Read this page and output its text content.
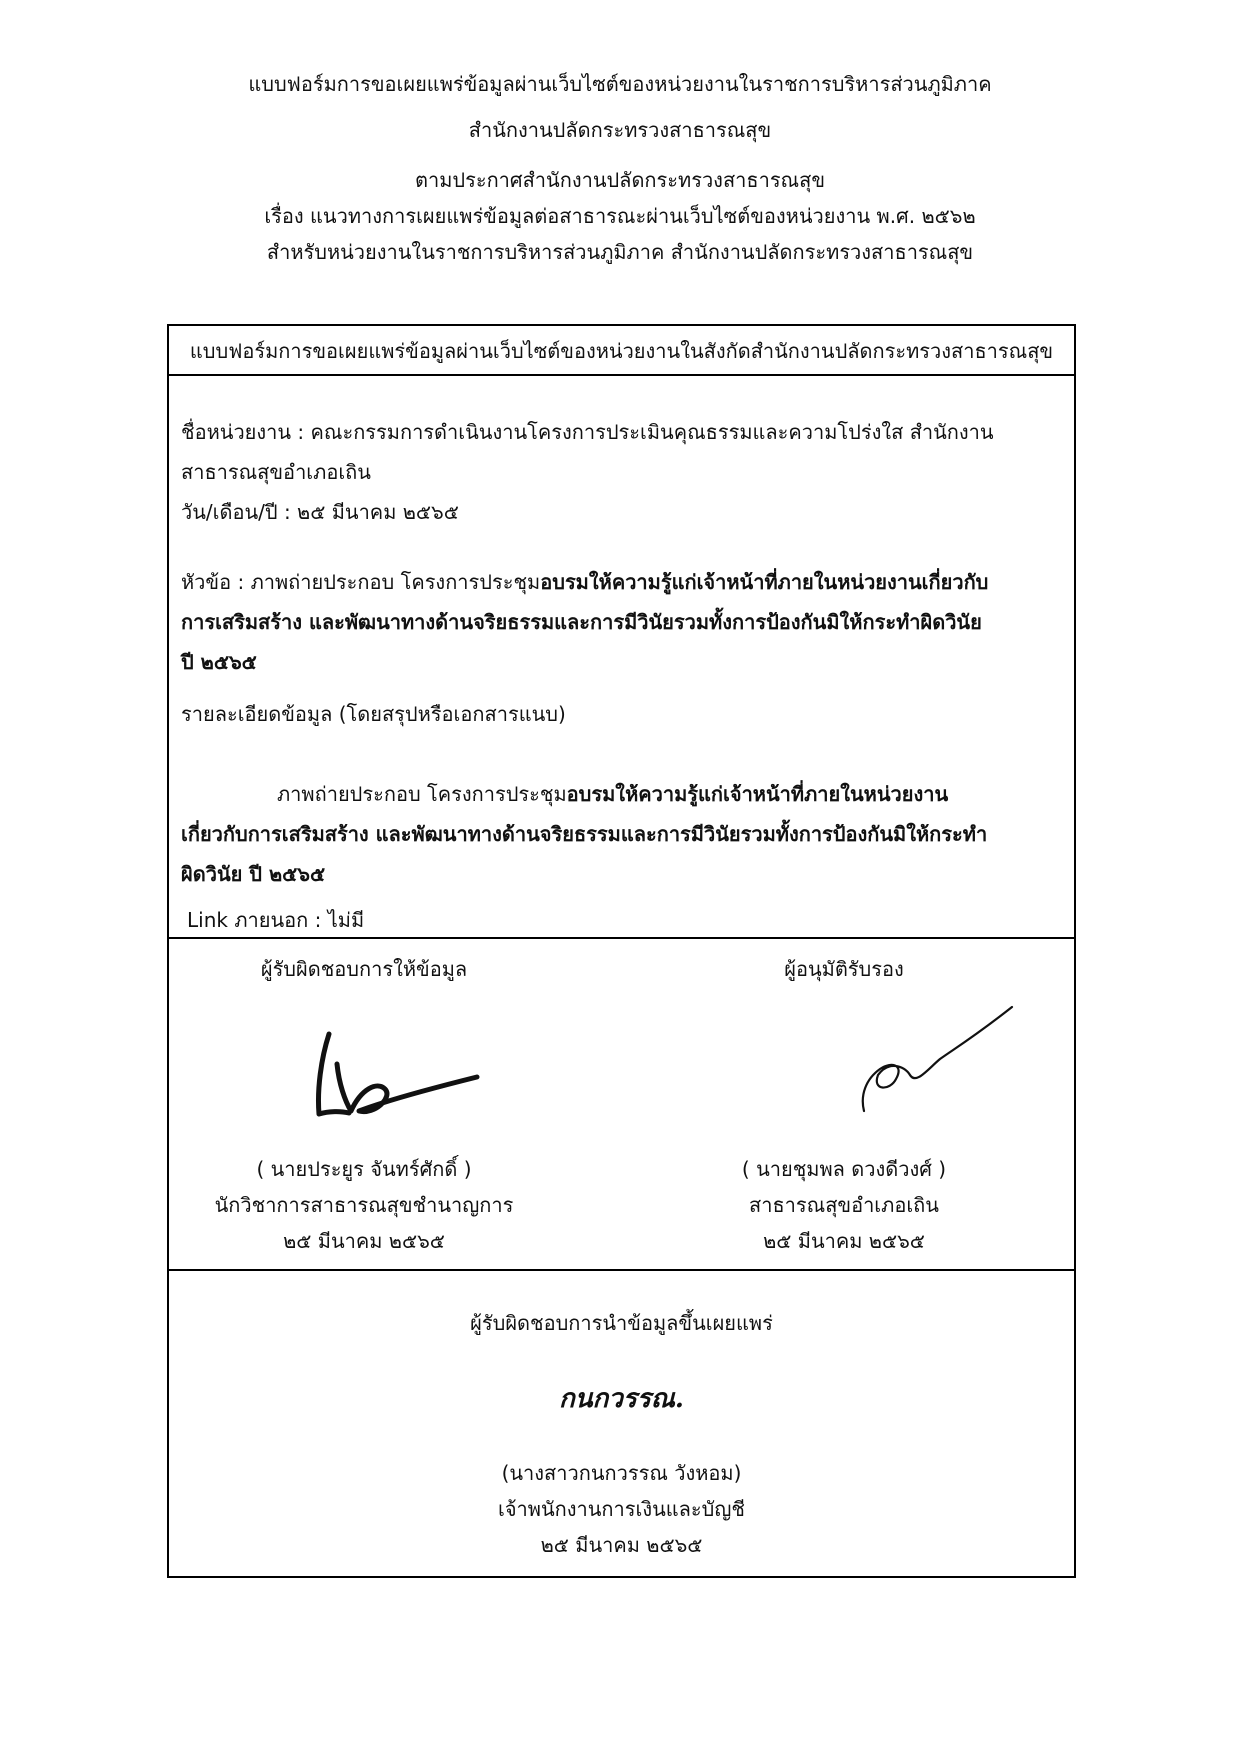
แบบฟอร์มการขอเผยแพร่ข้อมูลผ่านเว็บไซต์ของหน่วยงานในราชการบริหารส่วนภูมิภาค
สำนักงานปลัดกระทรวงสาธารณสุข
ตามประกาศสำนักงานปลัดกระทรวงสาธารณสุข
เรื่อง แนวทางการเผยแพร่ข้อมูลต่อสาธารณะผ่านเว็บไซต์ของหน่วยงาน พ.ศ. ๒๕๖๒
สำหรับหน่วยงานในราชการบริหารส่วนภูมิภาค สำนักงานปลัดกระทรวงสาธารณสุข
แบบฟอร์มการขอเผยแพร่ข้อมูลผ่านเว็บไซต์ของหน่วยงานในสังกัดสำนักงานปลัดกระทรวงสาธารณสุข
ชื่อหน่วยงาน : คณะกรรมการดำเนินงานโครงการประเมินคุณธรรมและความโปร่งใส สำนักงาน
สาธารณสุขอำเภอเถิน
วัน/เดือน/ปี : ๒๕ มีนาคม ๒๕๖๕
หัวข้อ : ภาพถ่ายประกอบ โครงการประชุมอบรมให้ความรู้แก่เจ้าหน้าที่ภายในหน่วยงานเกี่ยวกับ
การเสริมสร้าง และพัฒนาทางด้านจริยธรรมและการมีวินัยรวมทั้งการป้องกันมิให้กระทำผิดวินัย
ปี ๒๕๖๕
รายละเอียดข้อมูล (โดยสรุปหรือเอกสารแนบ)
ภาพถ่ายประกอบ โครงการประชุมอบรมให้ความรู้แก่เจ้าหน้าที่ภายในหน่วยงาน
เกี่ยวกับการเสริมสร้าง และพัฒนาทางด้านจริยธรรมและการมีวินัยรวมทั้งการป้องกันมิให้กระทำ
ผิดวินัย ปี ๒๕๖๕
Link ภายนอก : ไม่มี
ผู้รับผิดชอบการให้ข้อมูล	ผู้อนุมัติรับรอง
( นายประยูร จันทร์ศักดิ์ )
นักวิชาการสาธารณสุขชำนาญการ
๒๕ มีนาคม ๒๕๖๕
( นายชุมพล ดวงดีวงศ์ )
สาธารณสุขอำเภอเถิน
๒๕ มีนาคม ๒๕๖๕
ผู้รับผิดชอบการนำข้อมูลขึ้นเผยแพร่
กนกวรรณ.
(นางสาวกนกวรรณ วังหอม)
เจ้าพนักงานการเงินและบัญชี
๒๕ มีนาคม ๒๕๖๕
